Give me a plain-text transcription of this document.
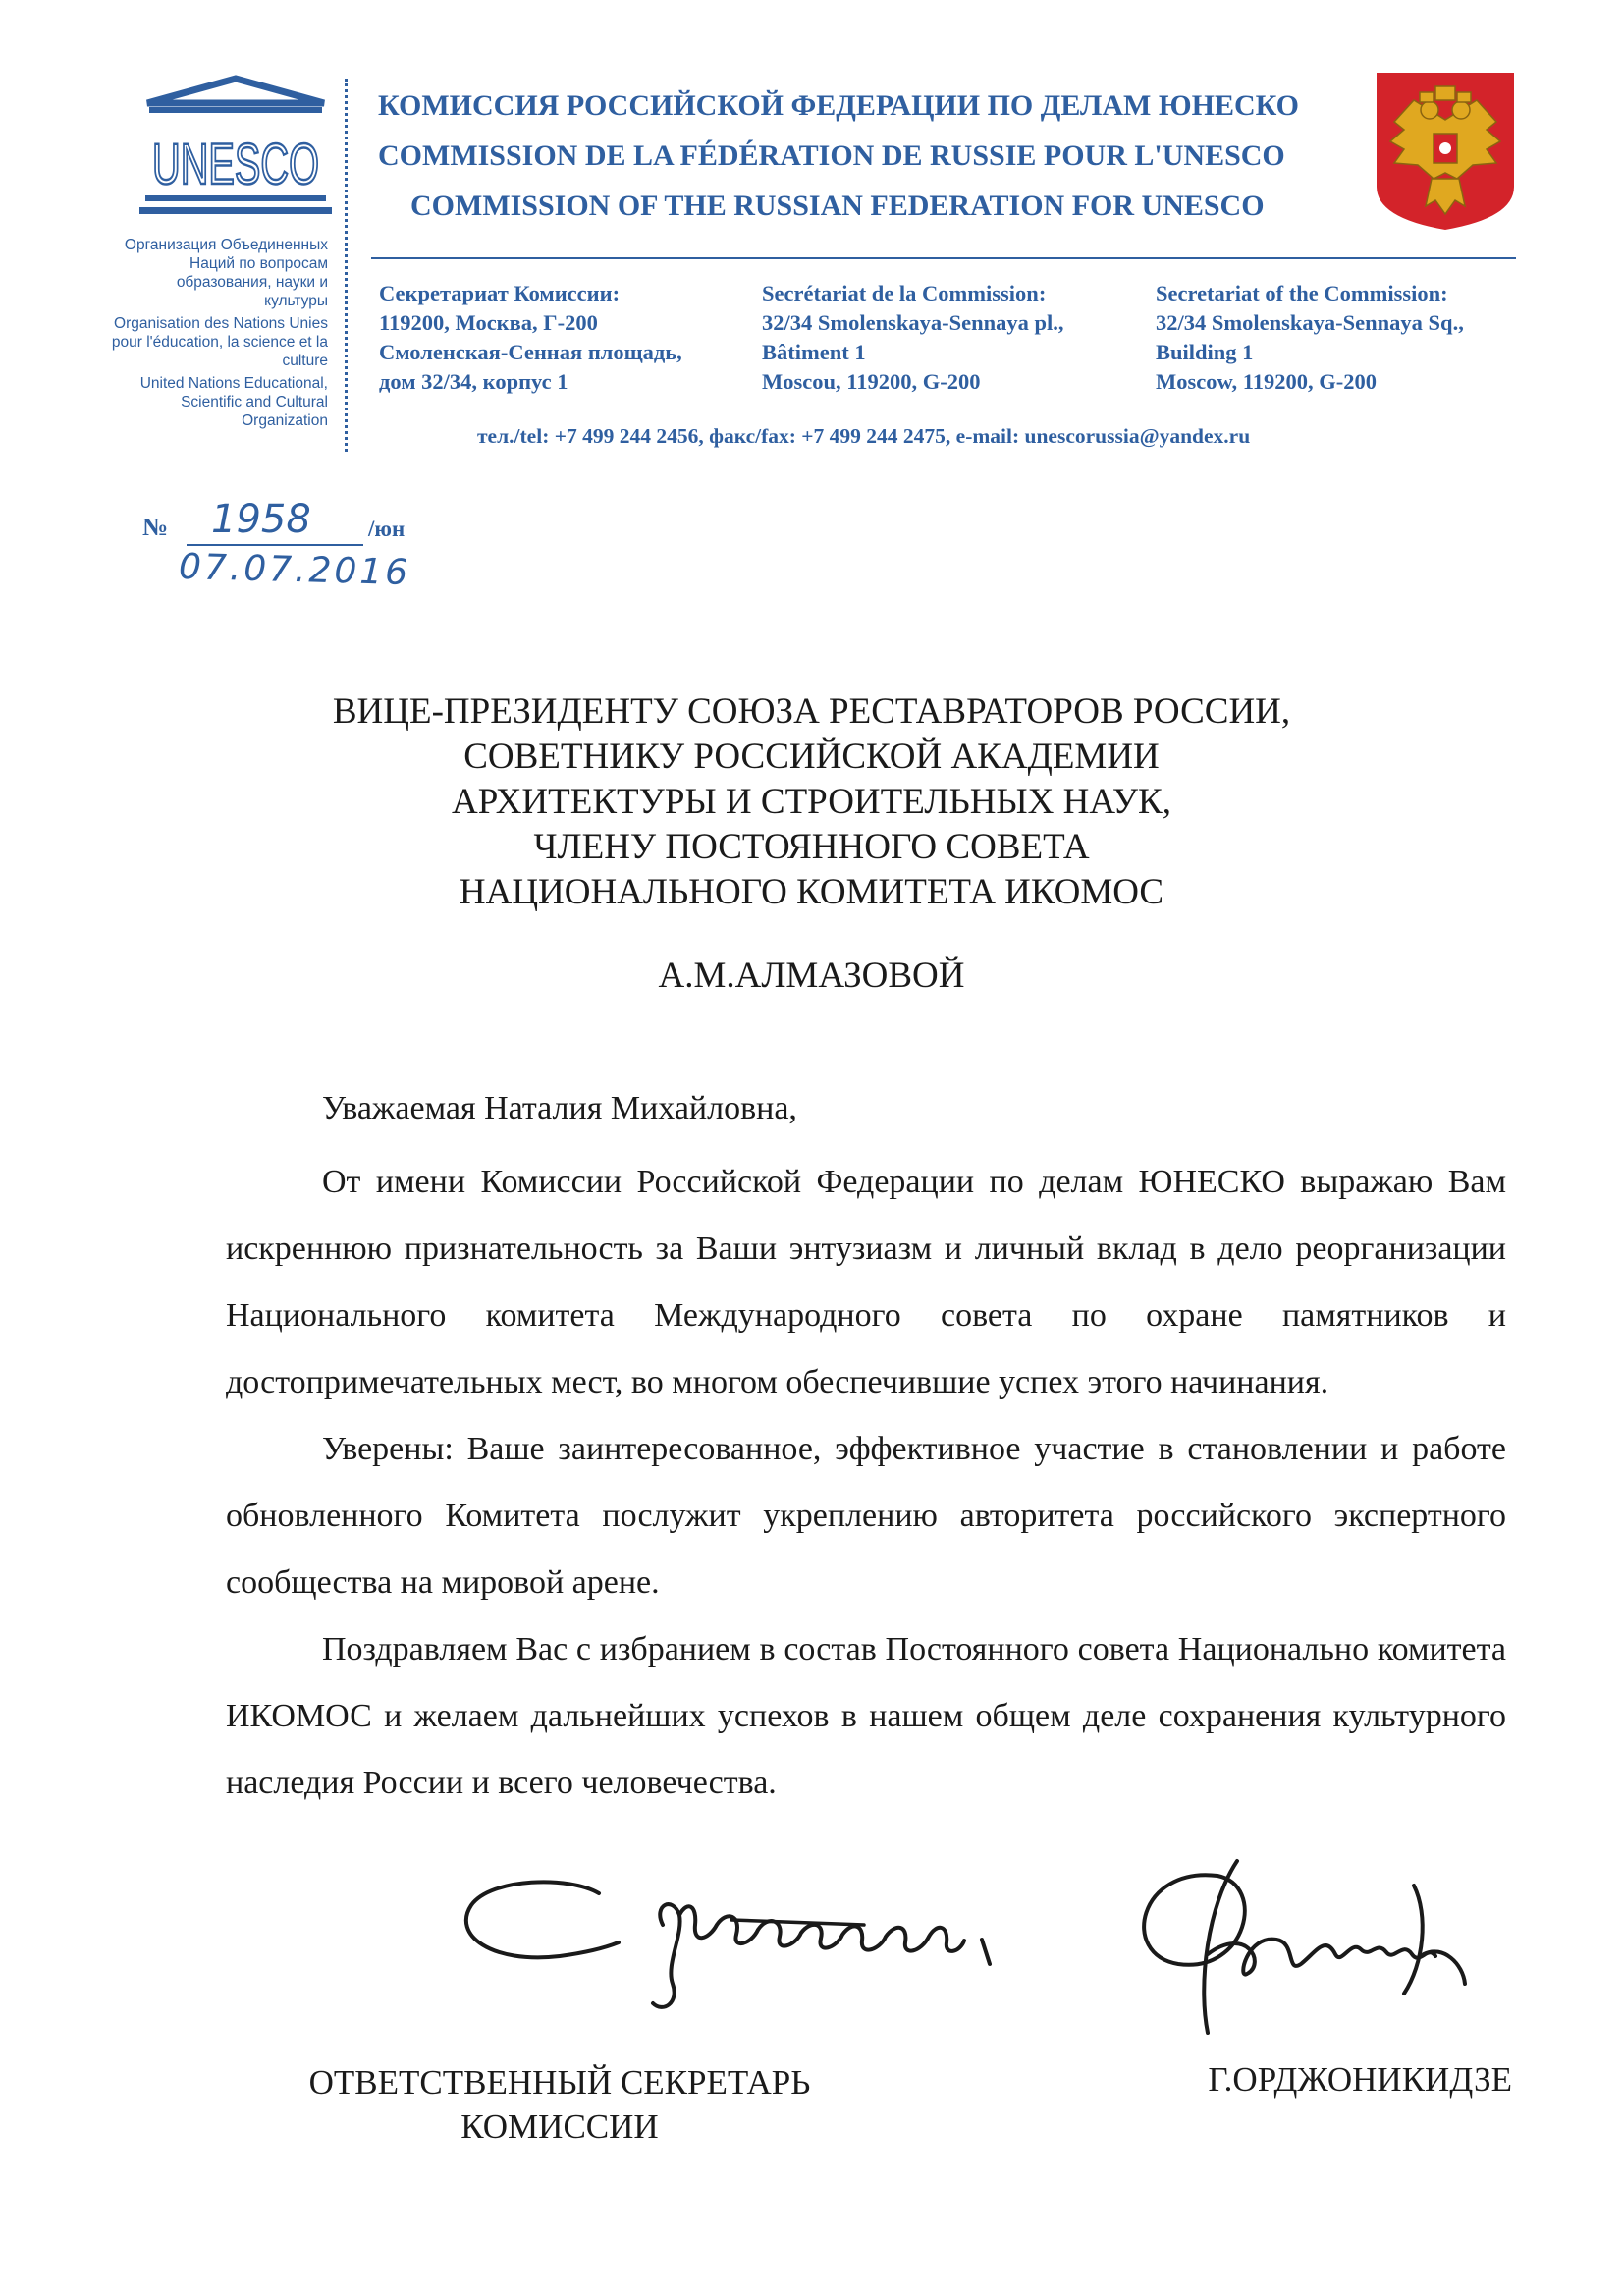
UNESCO

Организация Объединенных Наций по вопросам образования, науки и культуры

Organisation des Nations Unies pour l'éducation, la science et la culture

United Nations Educational, Scientific and Cultural Organization

КОМИССИЯ РОССИЙСКОЙ ФЕДЕРАЦИИ ПО ДЕЛАМ ЮНЕСКО
COMMISSION DE LA FÉDÉRATION DE RUSSIE POUR L'UNESCO
COMMISSION OF THE RUSSIAN FEDERATION FOR UNESCO
Секретариат Комиссии:
119200, Москва, Г-200
Смоленская-Сенная площадь,
дом 32/34, корпус 1
Secrétariat de la Commission:
32/34 Smolenskaya-Sennaya pl.,
Bâtiment 1
Moscou, 119200, G-200
Secretariat of the Commission:
32/34 Smolenskaya-Sennaya Sq.,
Building 1
Moscow, 119200, G-200
тел./tel: +7 499 244 2456, факс/fax: +7 499 244 2475, e-mail: unescorussia@yandex.ru
№ 1958	/юн
07.07.2016
ВИЦЕ-ПРЕЗИДЕНТУ СОЮЗА РЕСТАВРАТОРОВ РОССИИ,
СОВЕТНИКУ РОССИЙСКОЙ АКАДЕМИИ
АРХИТЕКТУРЫ И СТРОИТЕЛЬНЫХ НАУК,
ЧЛЕНУ ПОСТОЯННОГО СОВЕТА
НАЦИОНАЛЬНОГО КОМИТЕТА ИКОМОС
А.М.АЛМАЗОВОЙ
Уважаемая Наталия Михайловна,

От имени Комиссии Российской Федерации по делам ЮНЕСКО выражаю Вам искреннюю признательность за Ваши энтузиазм и личный вклад в дело реорганизации Национального комитета Международного совета по охране памятников и достопримечательных мест, во многом обеспечившие успех этого начинания.

Уверены: Ваше заинтересованное, эффективное участие в становлении и работе обновленного Комитета послужит укреплению авторитета российского экспертного сообщества на мировой арене.

Поздравляем Вас с избранием в состав Постоянного совета Национально комитета ИКОМОС и желаем дальнейших успехов в нашем общем деле сохранения культурного наследия России и всего человечества.

ОТВЕТСТВЕННЫЙ СЕКРЕТАРЬ
КОМИССИИ
Г.ОРДЖОНИКИДЗЕ
